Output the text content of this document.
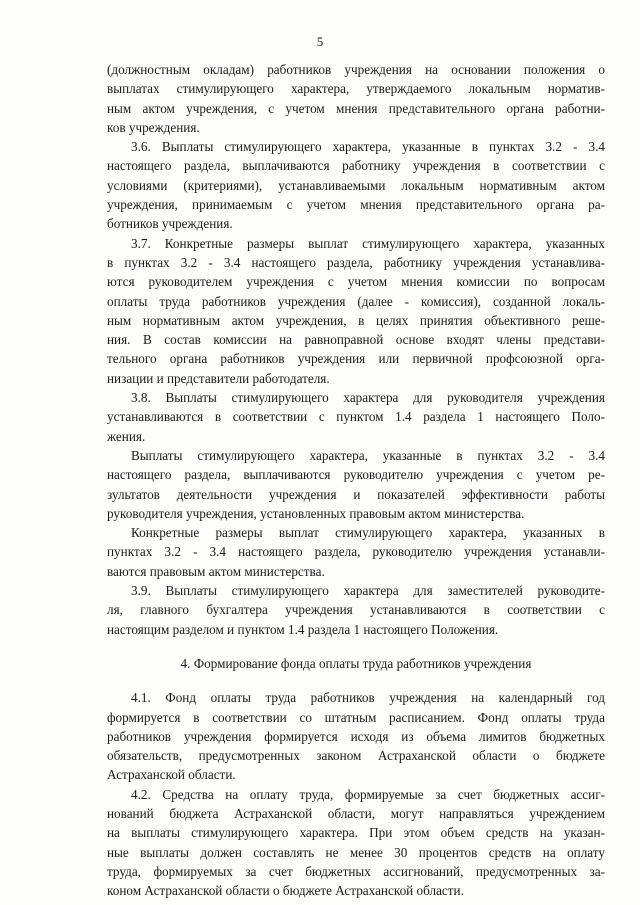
5
(должностным окладам) работников учреждения на основании положения о
выплатах стимулирующего характера, утверждаемого локальным норматив-
ным актом учреждения, с учетом мнения представительного органа работни-
ков учреждения.
3.6. Выплаты стимулирующего характера, указанные в пунктах 3.2 - 3.4
настоящего раздела, выплачиваются работнику учреждения в соответствии с
условиями (критериями), устанавливаемыми локальным нормативным актом
учреждения, принимаемым с учетом мнения представительного органа ра-
ботников учреждения.
3.7. Конкретные размеры выплат стимулирующего характера, указанных
в пунктах 3.2 - 3.4 настоящего раздела, работнику учреждения устанавлива-
ются руководителем учреждения с учетом мнения комиссии по вопросам
оплаты труда работников учреждения (далее - комиссия), созданной локаль-
ным нормативным актом учреждения, в целях принятия объективного реше-
ния. В состав комиссии на равноправной основе входят члены представи-
тельного органа работников учреждения или первичной профсоюзной орга-
низации и представители работодателя.
3.8. Выплаты стимулирующего характера для руководителя учреждения
устанавливаются в соответствии с пунктом 1.4 раздела 1 настоящего Поло-
жения.
Выплаты стимулирующего характера, указанные в пунктах 3.2 - 3.4
настоящего раздела, выплачиваются руководителю учреждения с учетом ре-
зультатов деятельности учреждения и показателей эффективности работы
руководителя учреждения, установленных правовым актом министерства.
Конкретные размеры выплат стимулирующего характера, указанных в
пунктах 3.2 - 3.4 настоящего раздела, руководителю учреждения устанавли-
ваются правовым актом министерства.
3.9. Выплаты стимулирующего характера для заместителей руководите-
ля, главного бухгалтера учреждения устанавливаются в соответствии с
настоящим разделом и пунктом 1.4 раздела 1 настоящего Положения.
4. Формирование фонда оплаты труда работников учреждения
4.1. Фонд оплаты труда работников учреждения на календарный год
формируется в соответствии со штатным расписанием. Фонд оплаты труда
работников учреждения формируется исходя из объема лимитов бюджетных
обязательств, предусмотренных законом Астраханской области о бюджете
Астраханской области.
4.2. Средства на оплату труда, формируемые за счет бюджетных ассиг-
нований бюджета Астраханской области, могут направляться учреждением
на выплаты стимулирующего характера. При этом объем средств на указан-
ные выплаты должен составлять не менее 30 процентов средств на оплату
труда, формируемых за счет бюджетных ассигнований, предусмотренных за-
коном Астраханской области о бюджете Астраханской области.
